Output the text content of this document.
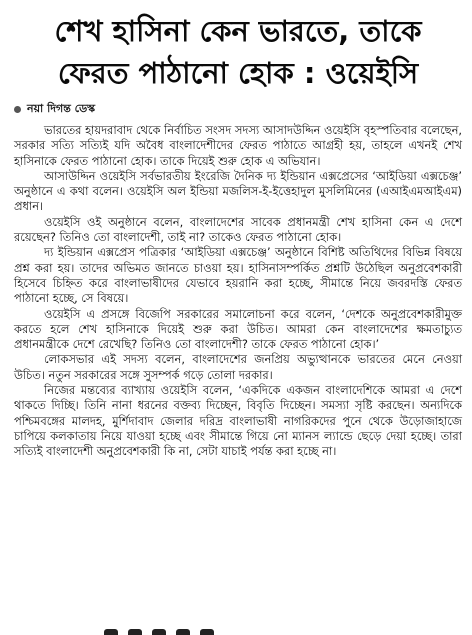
শেখ হাসিনা কেন ভারতে, তাকে
ফেরত পাঠানো হোক : ওয়েইসি
নয়া দিগন্ত ডেস্ক

ভারতের হায়দরাবাদ থেকে নির্বাচিত সংসদ সদস্য আসাদউদ্দিন ওয়েইসি বৃহস্পতিবার বলেছেন, সরকার সত্যি সত্যিই যদি অবৈধ বাংলাদেশীদের ফেরত পাঠাতে আগ্রহী হয়, তাহলে এখনই শেখ হাসিনাকে ফেরত পাঠানো হোক। তাকে দিয়েই শুরু হোক এ অভিযান।

আসাউদ্দিন ওয়েইসি সর্বভারতীয় ইংরেজি দৈনিক দ্য ইন্ডিয়ান এক্সপ্রেসের ‘আইডিয়া এক্সচেঞ্জ’ অনুষ্ঠানে এ কথা বলেন। ওয়েইসি অল ইন্ডিয়া মজলিস-ই-ইত্তেহাদুল মুসলিমিনের (এআইএমআইএম) প্রধান।

ওয়েইসি ওই অনুষ্ঠানে বলেন, বাংলাদেশের সাবেক প্রধানমন্ত্রী শেখ হাসিনা কেন এ দেশে রয়েছেন? তিনিও তো বাংলাদেশী, তাই না? তাকেও ফেরত পাঠানো হোক।

দ্য ইন্ডিয়ান এক্সপ্রেস পত্রিকার ‘আইডিয়া এক্সচেঞ্জ’ অনুষ্ঠানে বিশিষ্ট অতিথিদের বিভিন্ন বিষয়ে প্রশ্ন করা হয়। তাদের অভিমত জানতে চাওয়া হয়। হাসিনাসম্পর্কিত প্রশ্নটি উঠেছিল অনুপ্রবেশকারী হিসেবে চিহ্নিত করে বাংলাভাষীদের যেভাবে হয়রানি করা হচ্ছে, সীমান্তে নিয়ে জবরদস্তি ফেরত পাঠানো হচ্ছে, সে বিষয়ে।

ওয়েইসি এ প্রসঙ্গে বিজেপি সরকারের সমালোচনা করে বলেন, ‘দেশকে অনুপ্রবেশকারীমুক্ত করতে হলে শেখ হাসিনাকে দিয়েই শুরু করা উচিত। আমরা কেন বাংলাদেশের ক্ষমতাচ্যুত প্রধানমন্ত্রীকে দেশে রেখেছি? তিনিও তো বাংলাদেশী? তাকে ফেরত পাঠানো হোক।’

লোকসভার এই সদস্য বলেন, বাংলাদেশের জনপ্রিয় অভ্যুত্থানকে ভারতের মেনে নেওয়া উচিত। নতুন সরকারের সঙ্গে সুসম্পর্ক গড়ে তোলা দরকার।

নিজের মন্তব্যের ব্যাখ্যায় ওয়েইসি বলেন, ‘একদিকে একজন বাংলাদেশিকে আমরা এ দেশে থাকতে দিচ্ছি। তিনি নানা ধরনের বক্তব্য দিচ্ছেন, বিবৃতি দিচ্ছেন। সমস্যা সৃষ্টি করছেন। অন্যদিকে পশ্চিমবঙ্গের মালদহ, মুর্শিদাবাদ জেলার দরিদ্র বাংলাভাষী নাগরিকদের পুনে থেকে উড়োজাহাজে চাপিয়ে কলকাতায় নিয়ে যাওয়া হচ্ছে এবং সীমান্তে গিয়ে নো ম্যানস ল্যান্ডে ছেড়ে দেয়া হচ্ছে। তারা সত্যিই বাংলাদেশী অনুপ্রবেশকারী কি না, সেটা যাচাই পর্যন্ত করা হচ্ছে না।
